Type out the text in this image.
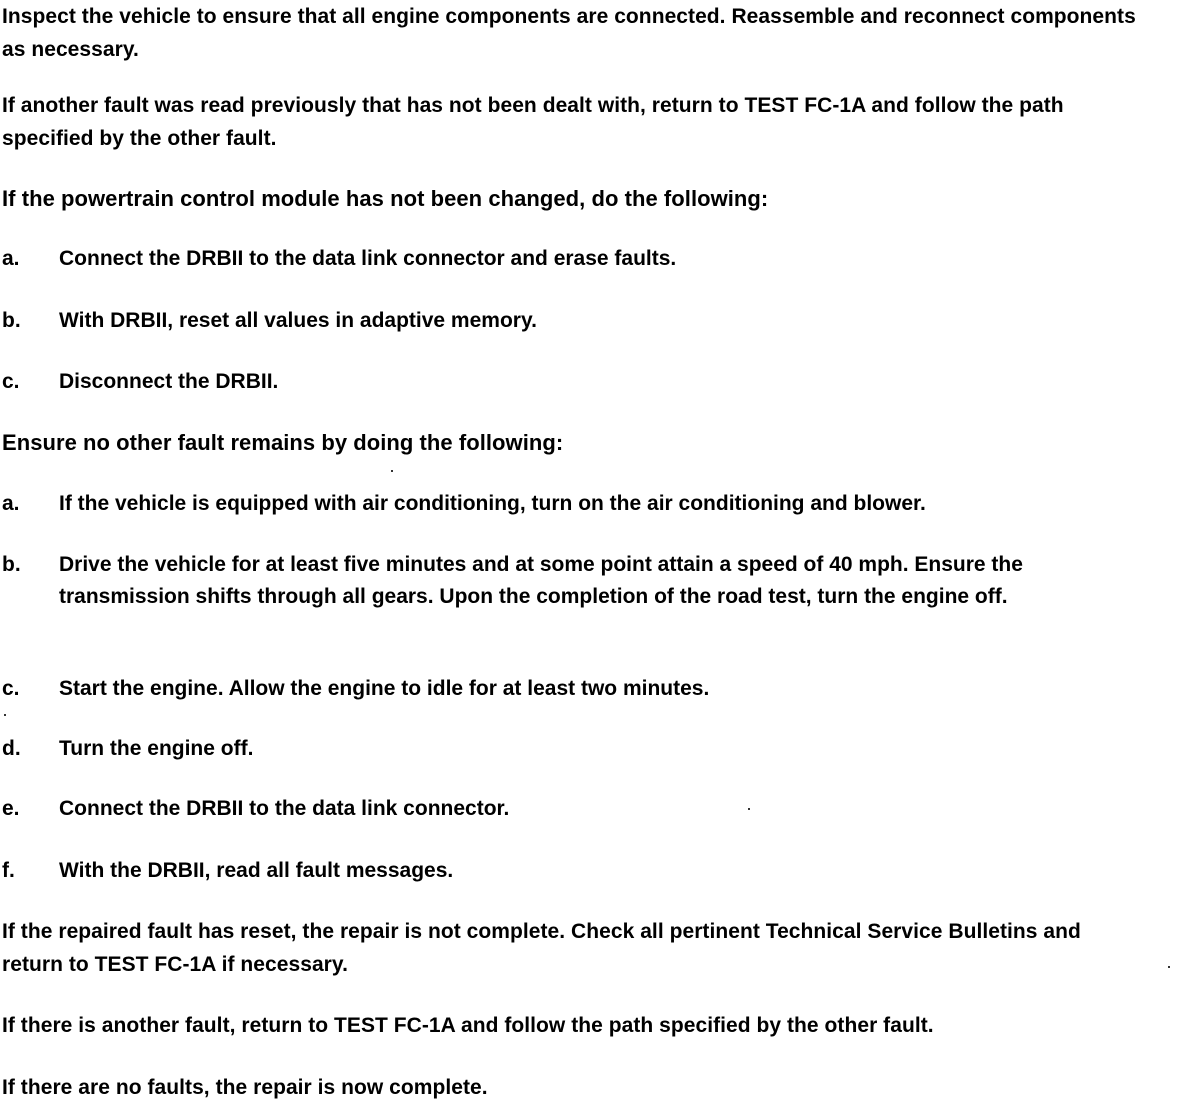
Inspect the vehicle to ensure that all engine components are connected. Reassemble and reconnect components as necessary.

If another fault was read previously that has not been dealt with, return to TEST FC-1A and follow the path specified by the other fault.

If the powertrain control module has not been changed, do the following:

a.	Connect the DRBII to the data link connector and erase faults.
b.	With DRBII, reset all values in adaptive memory.
c.	Disconnect the DRBII.

Ensure no other fault remains by doing the following:

a.	If the vehicle is equipped with air conditioning, turn on the air conditioning and blower.
b.	Drive the vehicle for at least five minutes and at some point attain a speed of 40 mph. Ensure the transmission shifts through all gears. Upon the completion of the road test, turn the engine off.
c.	Start the engine. Allow the engine to idle for at least two minutes.
d.	Turn the engine off.
e.	Connect the DRBII to the data link connector.
f.	With the DRBII, read all fault messages.

If the repaired fault has reset, the repair is not complete. Check all pertinent Technical Service Bulletins and return to TEST FC-1A if necessary.

If there is another fault, return to TEST FC-1A and follow the path specified by the other fault.

If there are no faults, the repair is now complete.
